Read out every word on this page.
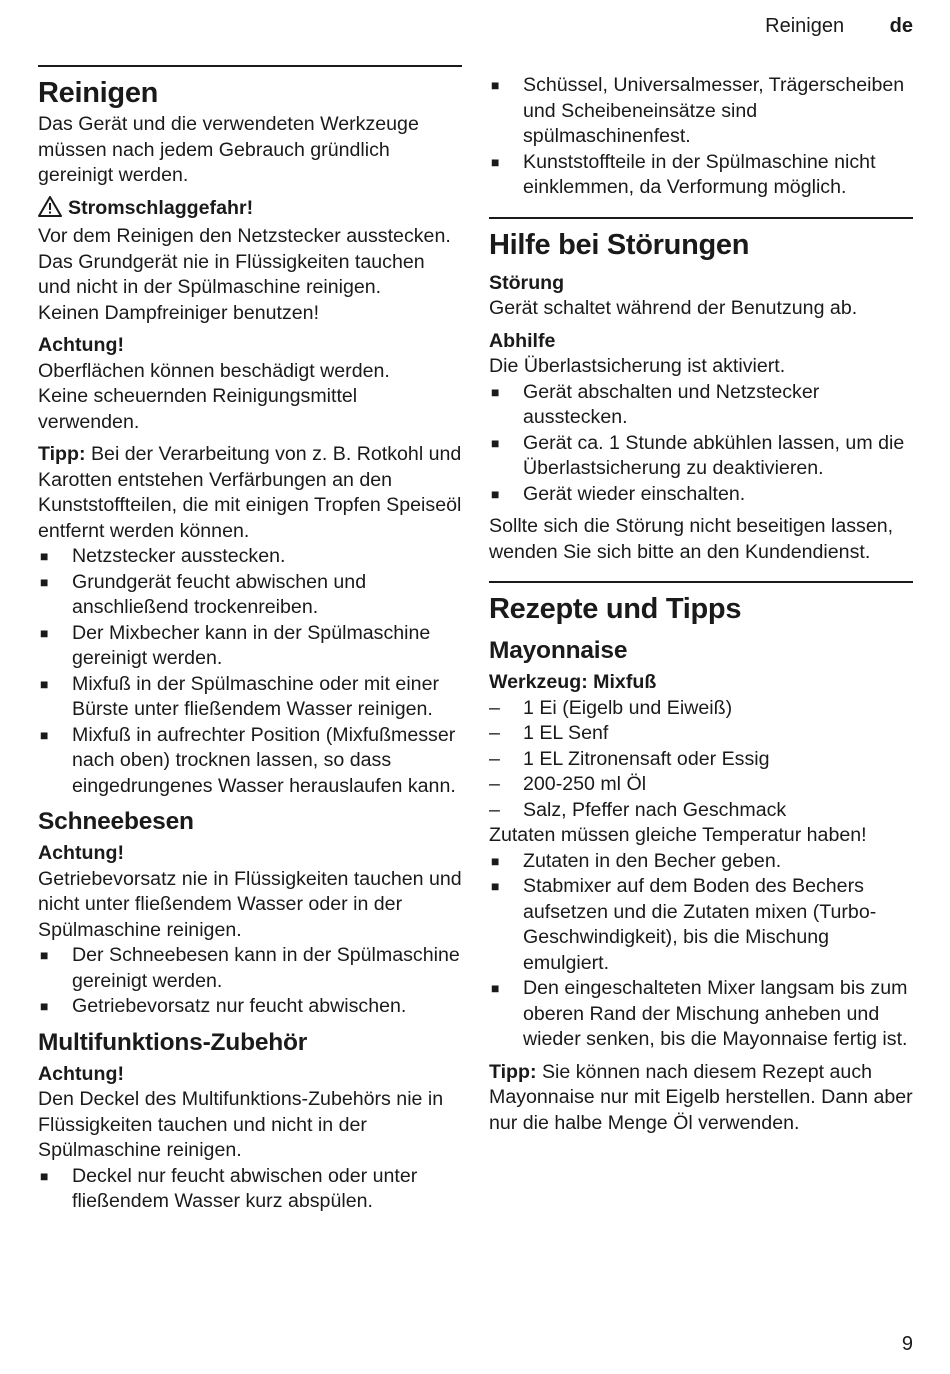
Reinigen de
Reinigen

Das Gerät und die verwendeten Werkzeuge müssen nach jedem Gebrauch gründlich gereinigt werden.

Stromschlaggefahr!

Vor dem Reinigen den Netzstecker ausstecken.

Das Grundgerät nie in Flüssigkeiten tauchen und nicht in der Spülmaschine reinigen.

Keinen Dampfreiniger benutzen!

Achtung!

Oberflächen können beschädigt werden.

Keine scheuernden Reinigungsmittel verwenden.

Tipp: Bei der Verarbeitung von z. B. Rotkohl und Karotten entstehen Verfärbungen an den Kunststoffteilen, die mit einigen Tropfen Speiseöl entfernt werden können.

■ Netzstecker ausstecken.
■ Grundgerät feucht abwischen und anschließend trockenreiben.
■ Der Mixbecher kann in der Spülmaschine gereinigt werden.
■ Mixfuß in der Spülmaschine oder mit einer Bürste unter fließendem Wasser reinigen.
■ Mixfuß in aufrechter Position (Mixfußmesser nach oben) trocknen lassen, so dass eingedrungenes Wasser herauslaufen kann.
Schneebesen

Achtung!

Getriebevorsatz nie in Flüssigkeiten tauchen und nicht unter fließendem Wasser oder in der Spülmaschine reinigen.

■ Der Schneebesen kann in der Spülmaschine gereinigt werden.
■ Getriebevorsatz nur feucht abwischen.
Multifunktions-Zubehör

Achtung!

Den Deckel des Multifunktions-Zubehörs nie in Flüssigkeiten tauchen und nicht in der Spülmaschine reinigen.

■ Deckel nur feucht abwischen oder unter fließendem Wasser kurz abspülen.
■ Schüssel, Universalmesser, Trägerscheiben und Scheibeneinsätze sind spülmaschinenfest.
■ Kunststoffteile in der Spülmaschine nicht einklemmen, da Verformung möglich.
Hilfe bei Störungen

Störung

Gerät schaltet während der Benutzung ab.

Abhilfe

Die Überlastsicherung ist aktiviert.

■ Gerät abschalten und Netzstecker ausstecken.
■ Gerät ca. 1 Stunde abkühlen lassen, um die Überlastsicherung zu deaktivieren.
■ Gerät wieder einschalten.

Sollte sich die Störung nicht beseitigen lassen, wenden Sie sich bitte an den Kundendienst.

Rezepte und Tipps
Mayonnaise

Werkzeug: Mixfuß

– 1 Ei (Eigelb und Eiweiß)
– 1 EL Senf
– 1 EL Zitronensaft oder Essig
– 200-250 ml Öl
– Salz, Pfeffer nach Geschmack

Zutaten müssen gleiche Temperatur haben!

■ Zutaten in den Becher geben.
■ Stabmixer auf dem Boden des Bechers aufsetzen und die Zutaten mixen (Turbo-Geschwindigkeit), bis die Mischung emulgiert.
■ Den eingeschalteten Mixer langsam bis zum oberen Rand der Mischung anheben und wieder senken, bis die Mayonnaise fertig ist.

Tipp: Sie können nach diesem Rezept auch Mayonnaise nur mit Eigelb herstellen. Dann aber nur die halbe Menge Öl verwenden.

9
